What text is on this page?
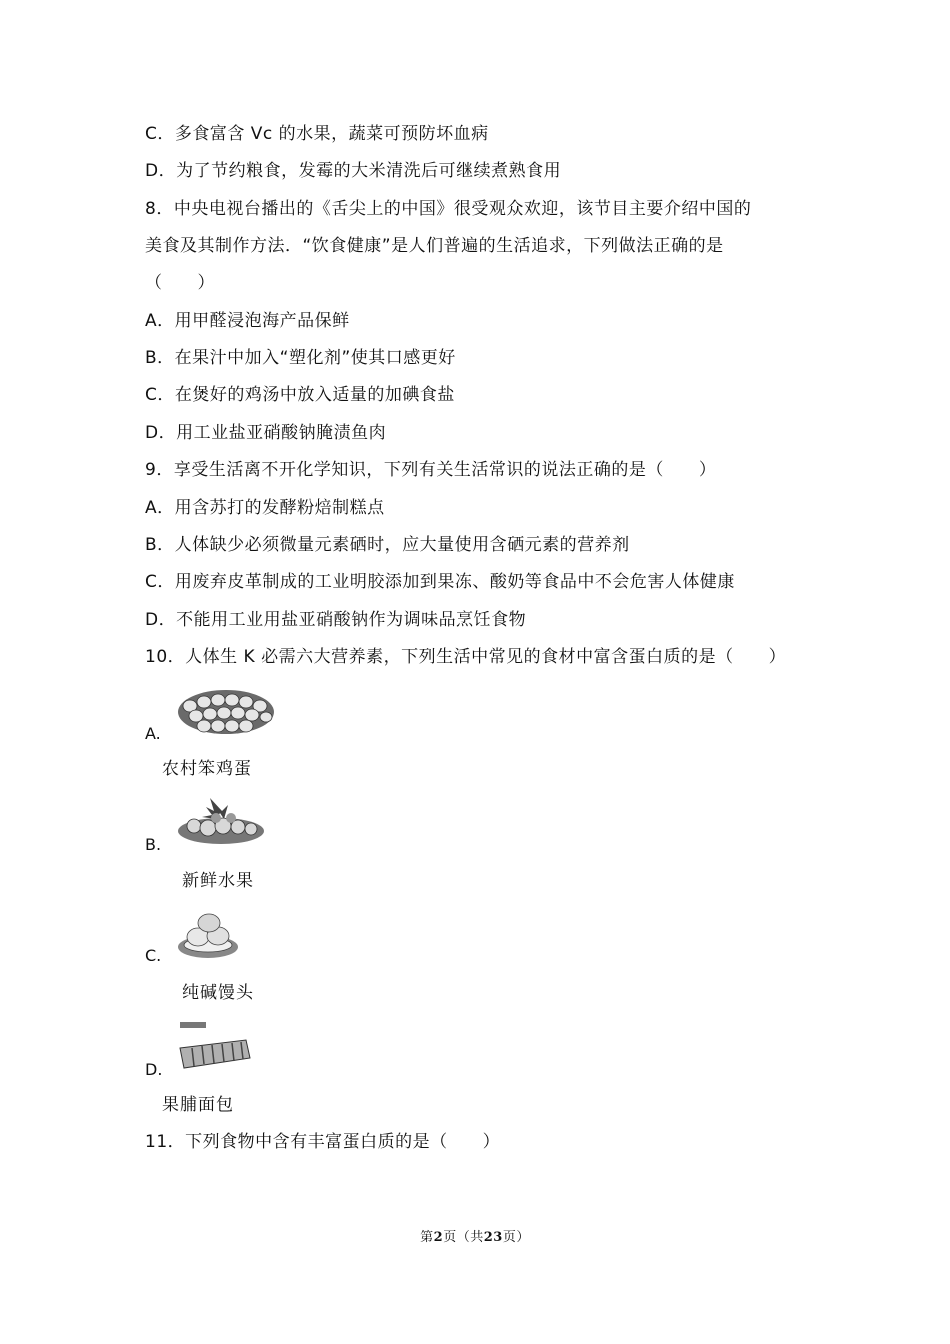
C．多食富含 Vc 的水果，蔬菜可预防坏血病
D．为了节约粮食，发霉的大米清洗后可继续煮熟食用
8．中央电视台播出的《舌尖上的中国》很受观众欢迎，该节目主要介绍中国的
美食及其制作方法．“饮食健康”是人们普遍的生活追求，下列做法正确的是
（　　）
A．用甲醛浸泡海产品保鲜
B．在果汁中加入“塑化剂”使其口感更好
C．在煲好的鸡汤中放入适量的加碘食盐
D．用工业盐亚硝酸钠腌渍鱼肉
9．享受生活离不开化学知识，下列有关生活常识的说法正确的是（　　）
A．用含苏打的发酵粉焙制糕点
B．人体缺少必须微量元素硒时，应大量使用含硒元素的营养剂
C．用废弃皮革制成的工业明胶添加到果冻、酸奶等食品中不会危害人体健康
D．不能用工业用盐亚硝酸钠作为调味品烹饪食物
10．人体生 K 必需六大营养素，下列生活中常见的食材中富含蛋白质的是（　　）
A.
农村笨鸡蛋
B.
新鲜水果
C.
纯碱馒头
D.
果脯面包
11．下列食物中含有丰富蛋白质的是（　　）
第2页（共23页）
